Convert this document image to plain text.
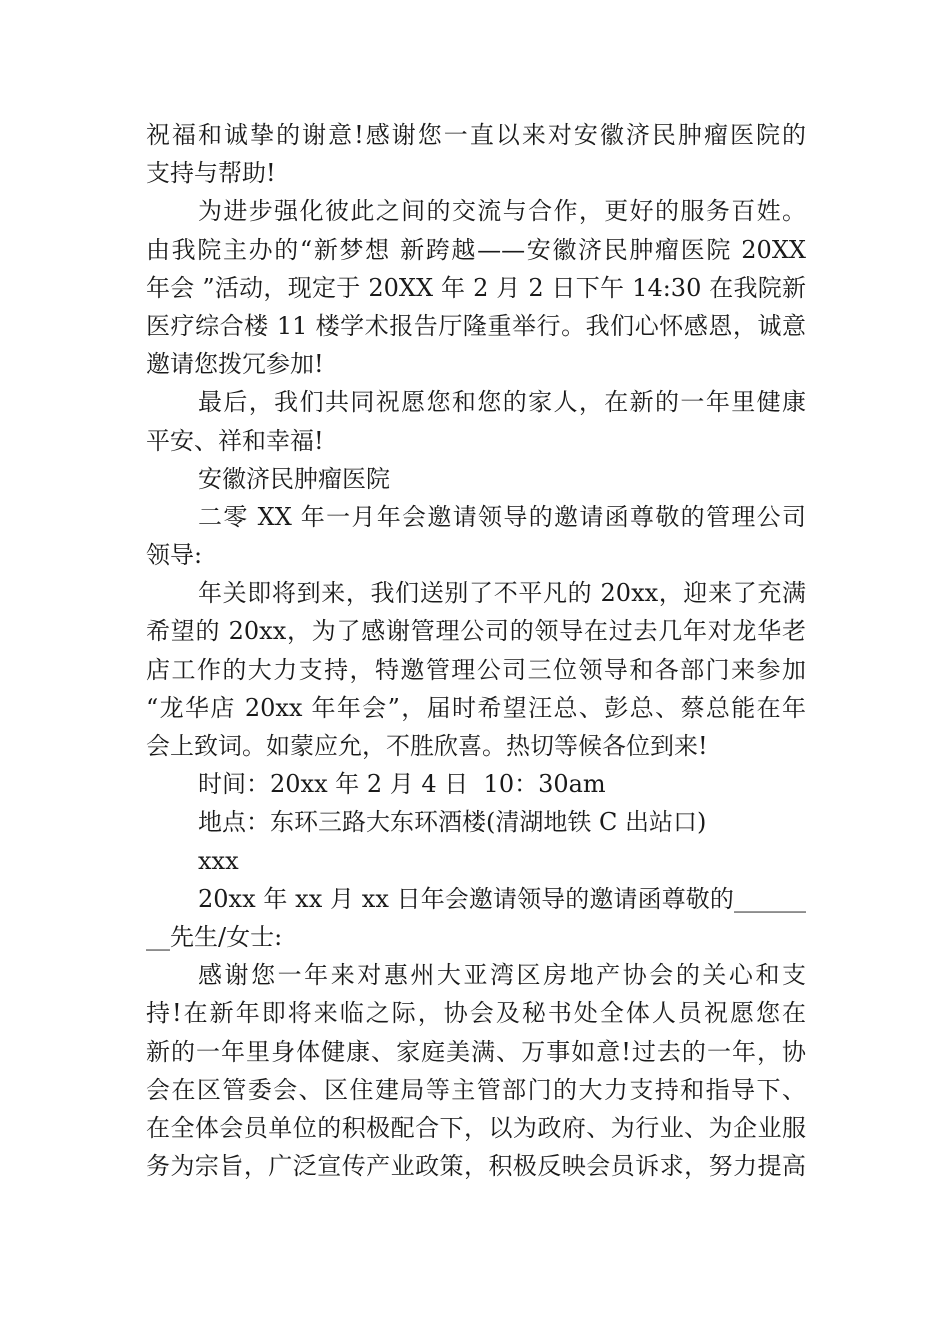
祝福和诚挚的谢意!感谢您一直以来对安徽济民肿瘤医院的
支持与帮助!
为进步强化彼此之间的交流与合作，更好的服务百姓。
由我院主办的“新梦想 新跨越——安徽济民肿瘤医院 20XX
年会 ”活动，现定于 20XX 年 2 月 2 日下午 14:30 在我院新
医疗综合楼 11 楼学术报告厅隆重举行。我们心怀感恩，诚意
邀请您拨冗参加!
最后，我们共同祝愿您和您的家人，在新的一年里健康
平安、祥和幸福!
安徽济民肿瘤医院
二零 XX 年一月年会邀请领导的邀请函尊敬的管理公司
领导:
年关即将到来，我们送别了不平凡的 20xx，迎来了充满
希望的 20xx，为了感谢管理公司的领导在过去几年对龙华老
店工作的大力支持，特邀管理公司三位领导和各部门来参加
“龙华店 20xx 年年会”，届时希望汪总、彭总、蔡总能在年
会上致词。如蒙应允，不胜欣喜。热切等候各位到来!
时间：20xx 年 2 月 4 日  10：30am
地点：东环三路大东环酒楼(清湖地铁 C 出站口)
xxx
20xx 年 xx 月 xx 日年会邀请领导的邀请函尊敬的______
__先生/女士:
感谢您一年来对惠州大亚湾区房地产协会的关心和支
持!在新年即将来临之际，协会及秘书处全体人员祝愿您在
新的一年里身体健康、家庭美满、万事如意!过去的一年，协
会在区管委会、区住建局等主管部门的大力支持和指导下、
在全体会员单位的积极配合下，以为政府、为行业、为企业服
务为宗旨，广泛宣传产业政策，积极反映会员诉求，努力提高
